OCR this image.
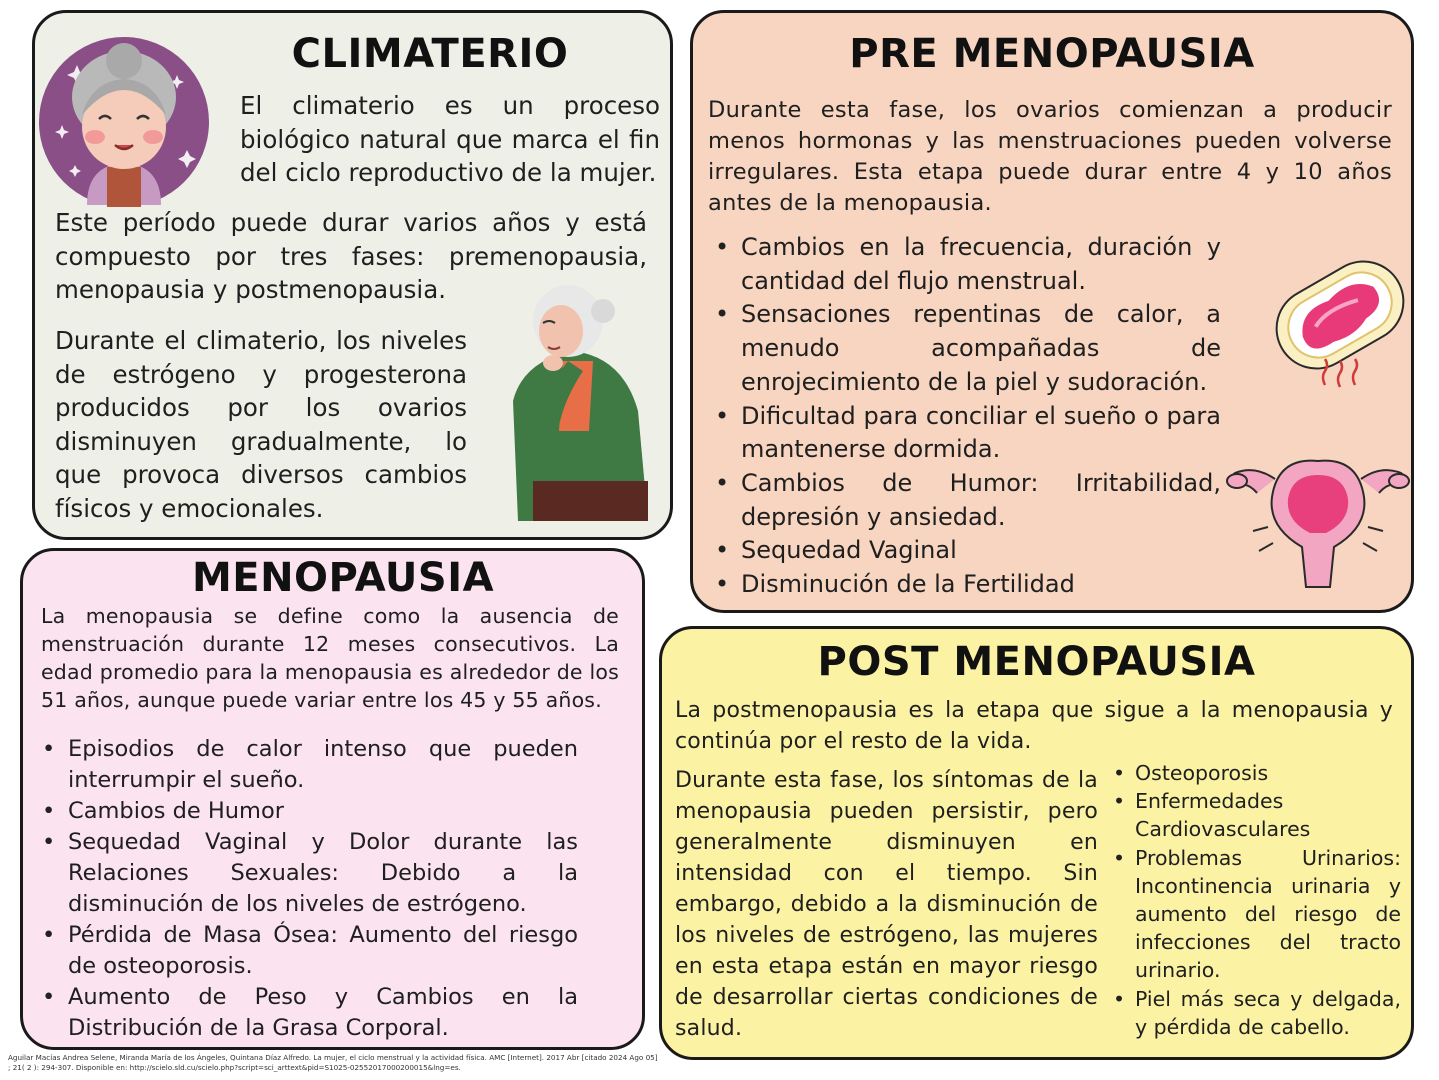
CLIMATERIO

El climaterio es un proceso biológico natural que marca el fin del ciclo reproductivo de la mujer.

Este período puede durar varios años y está compuesto por tres fases: premenopausia, menopausia y postmenopausia.

Durante el climaterio, los niveles de estrógeno y progesterona producidos por los ovarios disminuyen gradualmente, lo que provoca diversos cambios físicos y emocionales.

PRE MENOPAUSIA

Durante esta fase, los ovarios comienzan a producir menos hormonas y las menstruaciones pueden volverse irregulares. Esta etapa puede durar entre 4 y 10 años antes de la menopausia.

• Cambios en la frecuencia, duración y cantidad del flujo menstrual.
• Sensaciones repentinas de calor, a menudo acompañadas de enrojecimiento de la piel y sudoración.
• Dificultad para conciliar el sueño o para mantenerse dormida.
• Cambios de Humor: Irritabilidad, depresión y ansiedad.
• Sequedad Vaginal
• Disminución de la Fertilidad
MENOPAUSIA

La menopausia se define como la ausencia de menstruación durante 12 meses consecutivos. La edad promedio para la menopausia es alrededor de los 51 años, aunque puede variar entre los 45 y 55 años.

• Episodios de calor intenso que pueden interrumpir el sueño.
• Cambios de Humor
• Sequedad Vaginal y Dolor durante las Relaciones Sexuales: Debido a la disminución de los niveles de estrógeno.
• Pérdida de Masa Ósea: Aumento del riesgo de osteoporosis.
• Aumento de Peso y Cambios en la Distribución de la Grasa Corporal.
POST MENOPAUSIA

La postmenopausia es la etapa que sigue a la menopausia y continúa por el resto de la vida.

Durante esta fase, los síntomas de la menopausia pueden persistir, pero generalmente disminuyen en intensidad con el tiempo. Sin embargo, debido a la disminución de los niveles de estrógeno, las mujeres en esta etapa están en mayor riesgo de desarrollar ciertas condiciones de salud.

• Osteoporosis
• Enfermedades Cardiovasculares
• Problemas Urinarios: Incontinencia urinaria y aumento del riesgo de infecciones del tracto urinario.
• Piel más seca y delgada, y pérdida de cabello.

Aguilar Macías Andrea Selene, Miranda María de los Ángeles, Quintana Díaz Alfredo. La mujer, el ciclo menstrual y la actividad física. AMC [Internet]. 2017 Abr [citado 2024 Ago 05] ; 21( 2 ): 294-307. Disponible en: http://scielo.sld.cu/scielo.php?script=sci_arttext&pid=S1025-02552017000200015&lng=es.
